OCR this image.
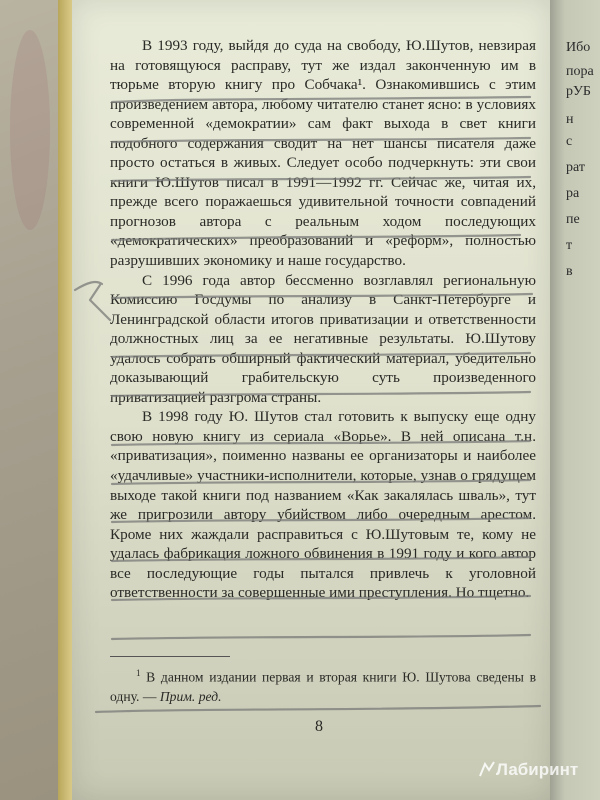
Ибо
пора
рУБ
н
с
рат
ра
пе
т
в

В 1993 году, выйдя до суда на свободу, Ю.Шутов, невзирая на готовящуюся расправу, тут же издал законченную им в тюрьме вторую книгу про Собчака¹. Ознакомившись с этим произведением автора, любому читателю станет ясно: в условиях современной «демократии» сам факт выхода в свет книги подобного содержания сводит на нет шансы писателя даже просто остаться в живых. Следует особо подчеркнуть: эти свои книги Ю.Шутов писал в 1991—1992 гг. Сейчас же, читая их, прежде всего поражаешься удивительной точности совпадений прогнозов автора с реальным ходом последующих «демократических» преобразований и «реформ», полностью разрушивших экономику и наше государство.

С 1996 года автор бессменно возглавлял региональную Комиссию Госдумы по анализу в Санкт-Петербурге и Ленинградской области итогов приватизации и ответственности должностных лиц за ее негативные результаты. Ю.Шутову удалось собрать обширный фактический материал, убедительно доказывающий грабительскую суть произведенного приватизацией разгрома страны.

В 1998 году Ю. Шутов стал готовить к выпуску еще одну свою новую книгу из сериала «Ворье». В ней описана т.н. «приватизация», поименно названы ее организаторы и наиболее «удачливые» участники-исполнители, которые, узнав о грядущем выходе такой книги под названием «Как закалялась шваль», тут же пригрозили автору убийством либо очередным арестом. Кроме них жаждали расправиться с Ю.Шутовым те, кому не удалась фабрикация ложного обвинения в 1991 году и кого автор все последующие годы пытался привлечь к уголовной ответственности за совершенные ими преступления. Но тщетно.

$^1$ В данном издании первая и вторая книги Ю. Шутова сведены в одну. — Прим. ред.
8
Лабиринт
